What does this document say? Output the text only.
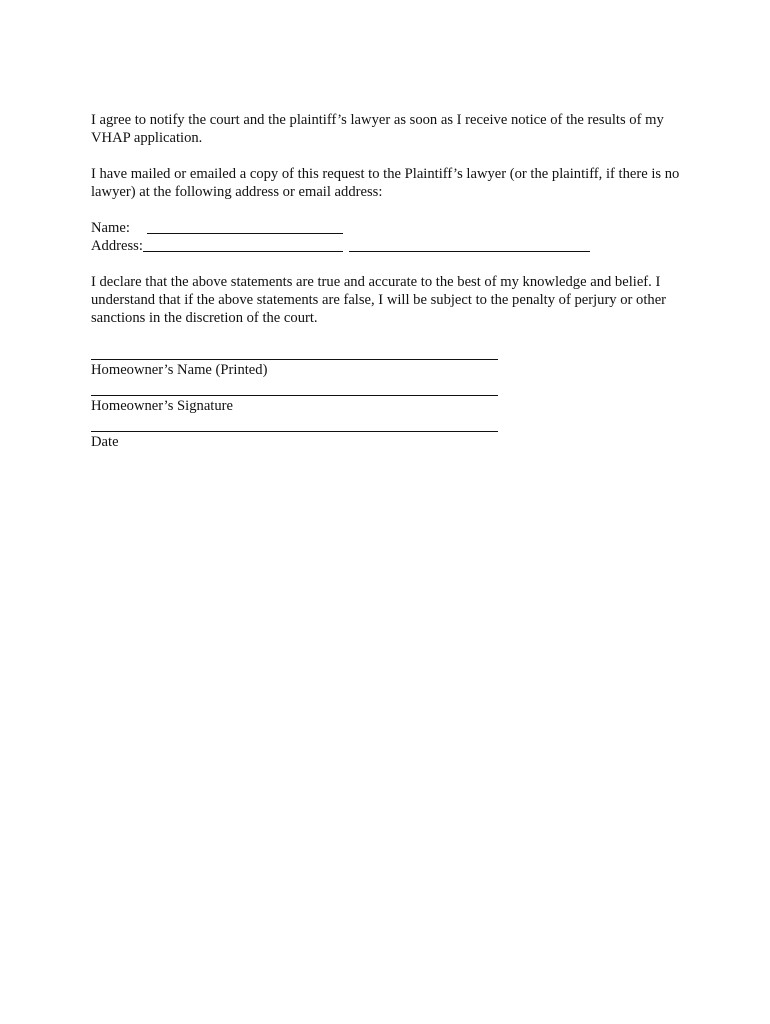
I agree to notify the court and the plaintiff’s lawyer as soon as I receive notice of the results of my VHAP application.

I have mailed or emailed a copy of this request to the Plaintiff’s lawyer (or the plaintiff, if there is no lawyer) at the following address or email address:

Name:
Address:

I declare that the above statements are true and accurate to the best of my knowledge and belief. I understand that if the above statements are false, I will be subject to the penalty of perjury or other sanctions in the discretion of the court.

Homeowner’s Name (Printed)
Homeowner’s Signature
Date
